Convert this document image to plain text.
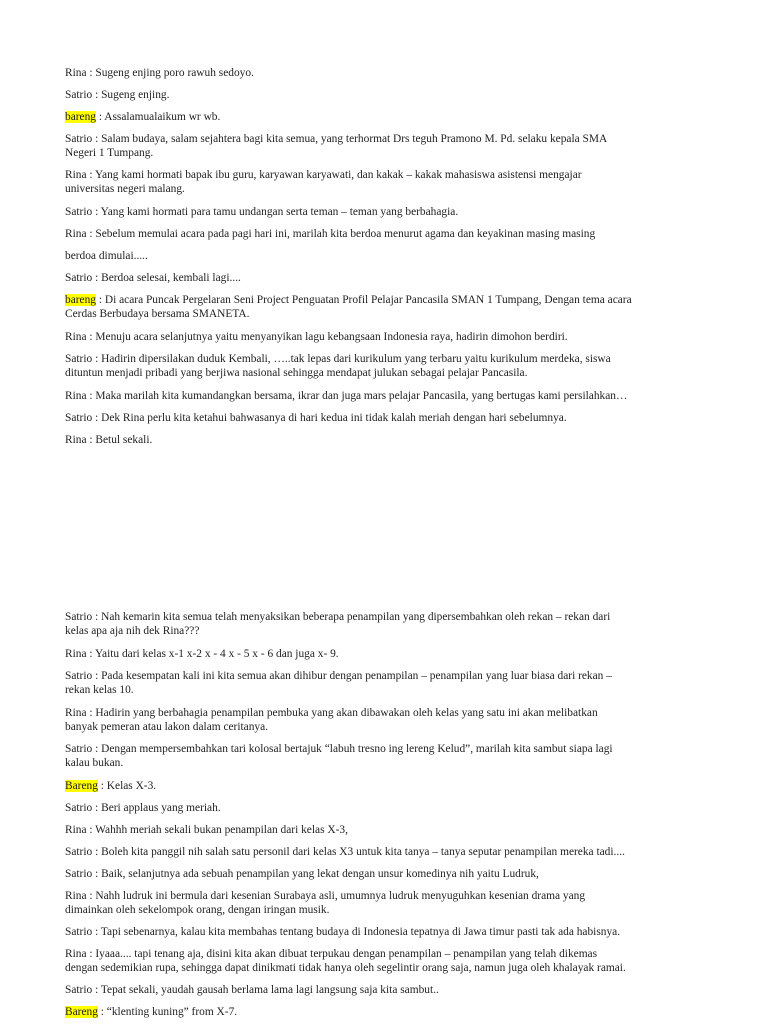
Rina : Sugeng enjing poro rawuh sedoyo.

Satrio : Sugeng enjing.

bareng : Assalamualaikum wr wb.

Satrio : Salam budaya, salam sejahtera bagi kita semua, yang terhormat Drs teguh Pramono M. Pd. selaku kepala SMA

Negeri 1 Tumpang.

Rina : Yang kami hormati bapak ibu guru, karyawan karyawati, dan kakak – kakak mahasiswa asistensi mengajar

universitas negeri malang.

Satrio : Yang kami hormati para tamu undangan serta teman – teman yang berbahagia.

Rina : Sebelum memulai acara pada pagi hari ini, marilah kita berdoa menurut agama dan keyakinan masing masing

berdoa dimulai.....

Satrio : Berdoa selesai, kembali lagi....

bareng : Di acara Puncak Pergelaran Seni Project Penguatan Profil Pelajar Pancasila SMAN 1 Tumpang, Dengan tema acara

Cerdas Berbudaya bersama SMANETA.

Rina : Menuju acara selanjutnya yaitu menyanyikan lagu kebangsaan Indonesia raya, hadirin dimohon berdiri.

Satrio : Hadirin dipersilakan duduk Kembali, …..tak lepas dari kurikulum yang terbaru yaitu kurikulum merdeka, siswa

dituntun menjadi pribadi yang berjiwa nasional sehingga mendapat julukan sebagai pelajar Pancasila.

Rina : Maka marilah kita kumandangkan bersama, ikrar dan juga mars pelajar Pancasila, yang bertugas kami persilahkan…

Satrio : Dek Rina perlu kita ketahui bahwasanya di hari kedua ini tidak kalah meriah dengan hari sebelumnya.

Rina : Betul sekali.

Satrio : Nah kemarin kita semua telah menyaksikan beberapa penampilan yang dipersembahkan oleh rekan – rekan dari

kelas apa aja nih dek Rina???

Rina : Yaitu dari kelas x-1 x-2 x - 4 x - 5 x - 6 dan juga x- 9.

Satrio : Pada kesempatan kali ini kita semua akan dihibur dengan penampilan – penampilan yang luar biasa dari rekan –

rekan kelas 10.

Rina : Hadirin yang berbahagia penampilan pembuka yang akan dibawakan oleh kelas yang satu ini akan melibatkan

banyak pemeran atau lakon dalam ceritanya.

Satrio : Dengan mempersembahkan tari kolosal bertajuk “labuh tresno ing lereng Kelud”, marilah kita sambut siapa lagi

kalau bukan.

Bareng : Kelas X-3.

Satrio : Beri applaus yang meriah.

Rina : Wahhh meriah sekali bukan penampilan dari kelas X-3,

Satrio : Boleh kita panggil nih salah satu personil dari kelas X3 untuk kita tanya – tanya seputar penampilan mereka tadi....

Satrio : Baik, selanjutnya ada sebuah penampilan yang lekat dengan unsur komedinya nih yaitu Ludruk,

Rina : Nahh ludruk ini bermula dari kesenian Surabaya asli, umumnya ludruk menyuguhkan kesenian drama yang

dimainkan oleh sekelompok orang, dengan iringan musik.

Satrio : Tapi sebenarnya, kalau kita membahas tentang budaya di Indonesia tepatnya di Jawa timur pasti tak ada habisnya.

Rina : Iyaaa.... tapi tenang aja, disini kita akan dibuat terpukau dengan penampilan – penampilan yang telah dikemas

dengan sedemikian rupa, sehingga dapat dinikmati tidak hanya oleh segelintir orang saja, namun juga oleh khalayak ramai.

Satrio : Tepat sekali, yaudah gausah berlama lama lagi langsung saja kita sambut..

Bareng : “klenting kuning” from X-7.
